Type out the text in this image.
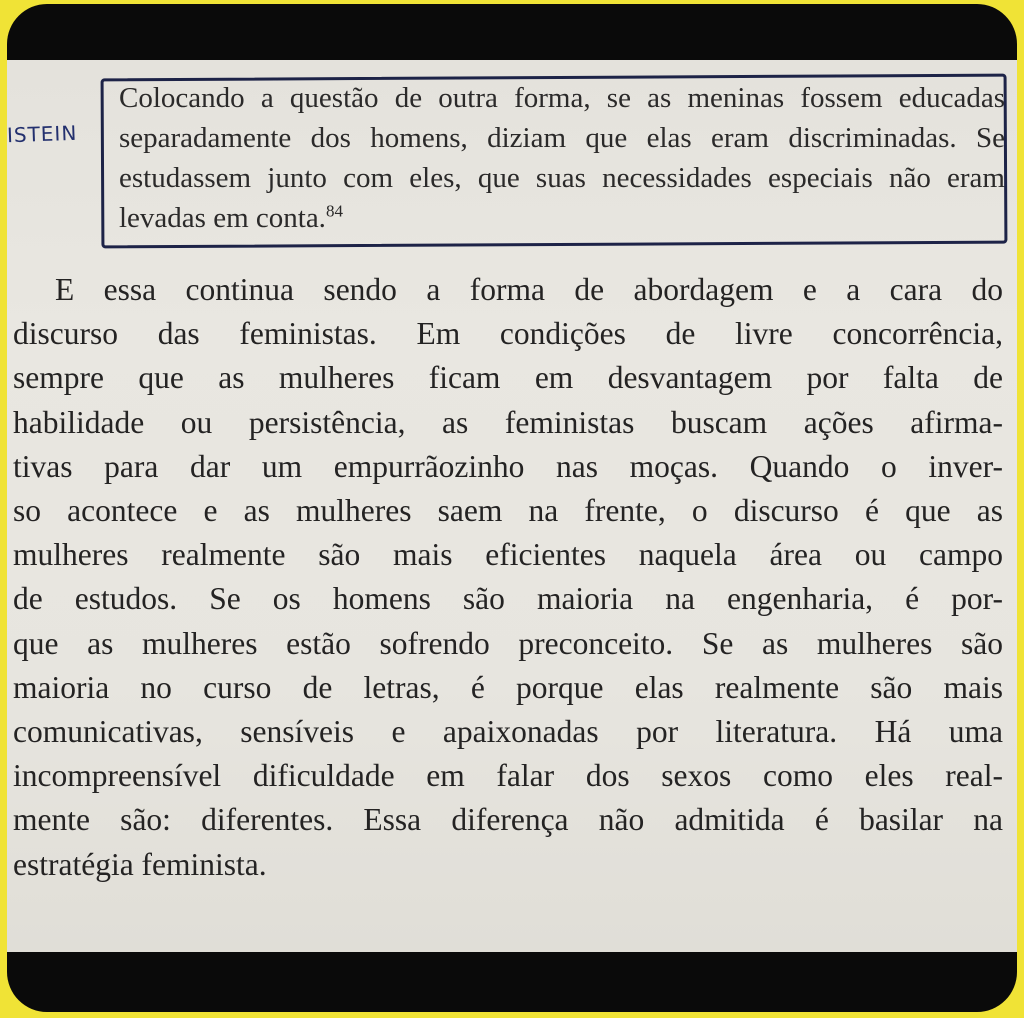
ISTEIN
Colocando a questão de outra forma, se as meninas fossem educadas separadamente dos homens, diziam que elas eram discriminadas. Se estudassem junto com eles, que suas necessidades especiais não eram levadas em conta.$^{84}$
E essa continua sendo a forma de abordagem e a cara do
discurso das feministas. Em condições de livre concorrência,
sempre que as mulheres ficam em desvantagem por falta de
habilidade ou persistência, as feministas buscam ações afirma-
tivas para dar um empurrãozinho nas moças. Quando o inver-
so acontece e as mulheres saem na frente, o discurso é que as
mulheres realmente são mais eficientes naquela área ou campo
de estudos. Se os homens são maioria na engenharia, é por-
que as mulheres estão sofrendo preconceito. Se as mulheres são
maioria no curso de letras, é porque elas realmente são mais
comunicativas, sensíveis e apaixonadas por literatura. Há uma
incompreensível dificuldade em falar dos sexos como eles real-
mente são: diferentes. Essa diferença não admitida é basilar na
estratégia feminista.
